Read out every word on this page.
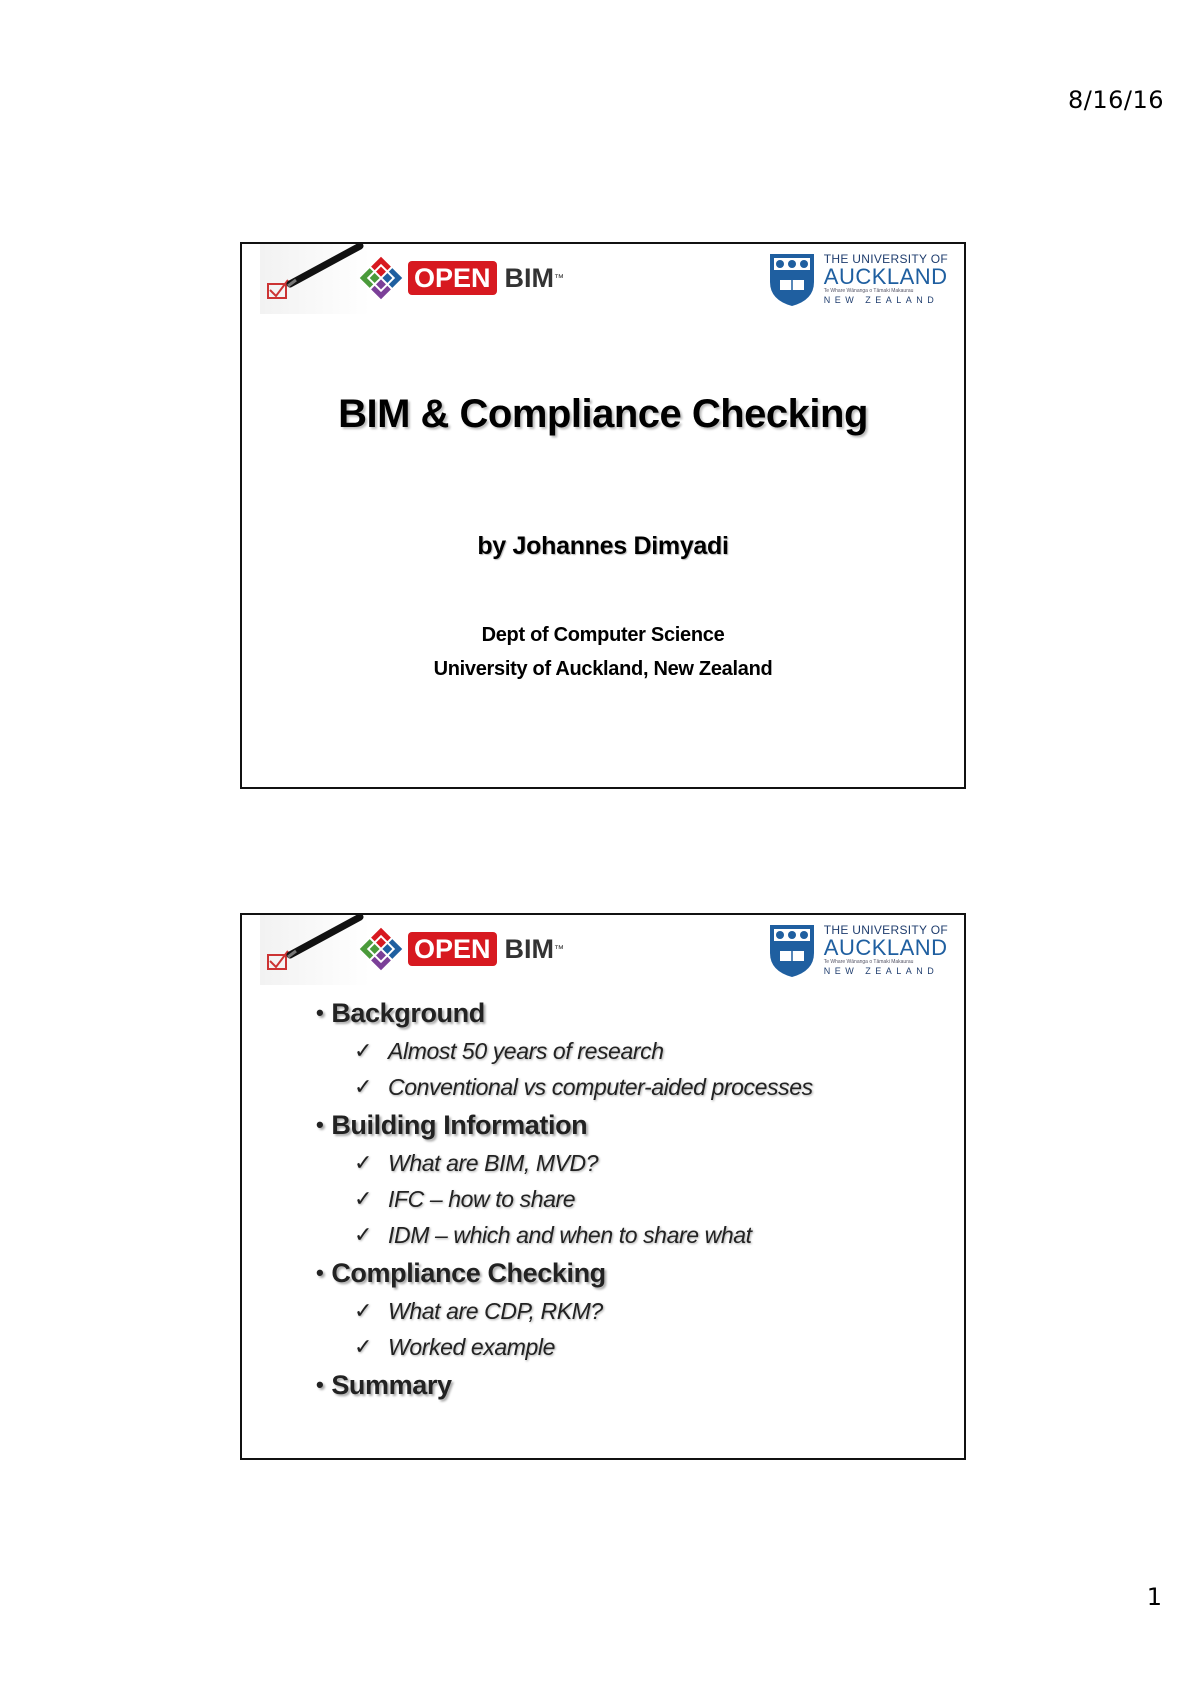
8/16/16
OPEN BIM ™
THE UNIVERSITY OF
AUCKLAND
Te Whare Wānanga o Tāmaki Makaurau
NEW ZEALAND
BIM & Compliance Checking
by Johannes Dimyadi
Dept of Computer Science
University of Auckland, New Zealand
OPEN BIM ™
THE UNIVERSITY OF
AUCKLAND
Te Whare Wānanga o Tāmaki Makaurau
NEW ZEALAND
• Background
✓ Almost 50 years of research
✓ Conventional vs computer-aided processes
• Building Information
✓ What are BIM, MVD?
✓ IFC – how to share
✓ IDM – which and when to share what
• Compliance Checking
✓ What are CDP, RKM?
✓ Worked example
• Summary
1
